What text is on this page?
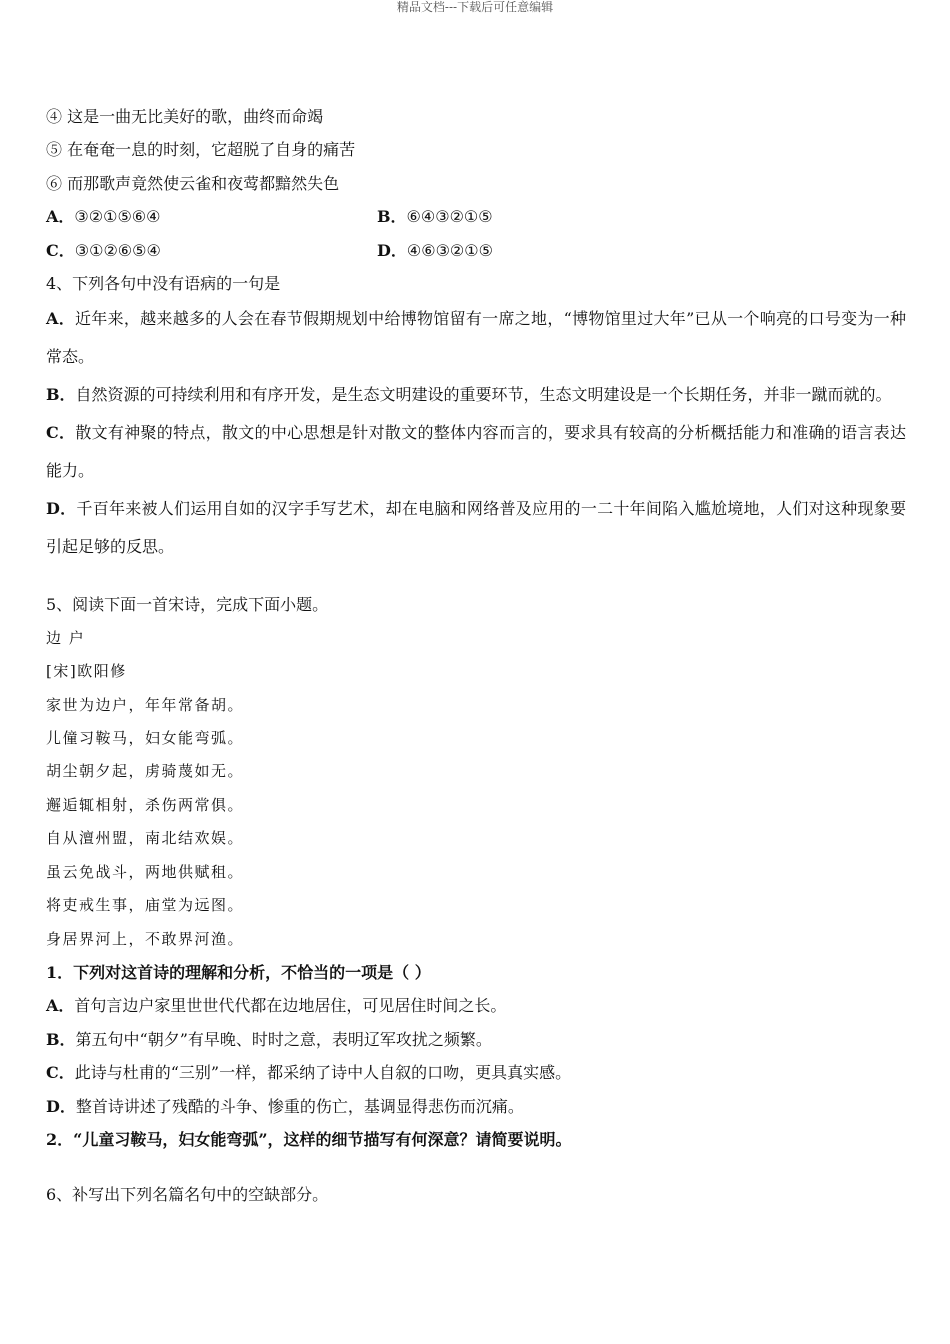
精品文档---下载后可任意编辑
④ 这是一曲无比美好的歌，曲终而命竭
⑤ 在奄奄一息的时刻，它超脱了自身的痛苦
⑥ 而那歌声竟然使云雀和夜莺都黯然失色
A．③②①⑤⑥④	B．⑥④③②①⑤
C．③①②⑥⑤④	D．④⑥③②①⑤
4、下列各句中没有语病的一句是
A．近年来，越来越多的人会在春节假期规划中给博物馆留有一席之地，“博物馆里过大年”已从一个响亮的口号变为一种常态。
B．自然资源的可持续利用和有序开发，是生态文明建设的重要环节，生态文明建设是一个长期任务，并非一蹴而就的。
C．散文有神聚的特点，散文的中心思想是针对散文的整体内容而言的，要求具有较高的分析概括能力和准确的语言表达能力。
D．千百年来被人们运用自如的汉字手写艺术，却在电脑和网络普及应用的一二十年间陷入尴尬境地，人们对这种现象要引起足够的反思。
5、阅读下面一首宋诗，完成下面小题。
边 户
[宋]欧阳修
家世为边户，年年常备胡。
儿僮习鞍马，妇女能弯弧。
胡尘朝夕起，虏骑蔑如无。
邂逅辄相射，杀伤两常俱。
自从澶州盟，南北结欢娱。
虽云免战斗，两地供赋租。
将吏戒生事，庙堂为远图。
身居界河上，不敢界河渔。
1．下列对这首诗的理解和分析，不恰当的一项是（ ）
A．首句言边户家里世世代代都在边地居住，可见居住时间之长。
B．第五句中“朝夕”有早晚、时时之意，表明辽军攻扰之频繁。
C．此诗与杜甫的“三别”一样，都采纳了诗中人自叙的口吻，更具真实感。
D．整首诗讲述了残酷的斗争、惨重的伤亡，基调显得悲伤而沉痛。
2．“儿童习鞍马，妇女能弯弧”，这样的细节描写有何深意？请简要说明。
6、补写出下列名篇名句中的空缺部分。
